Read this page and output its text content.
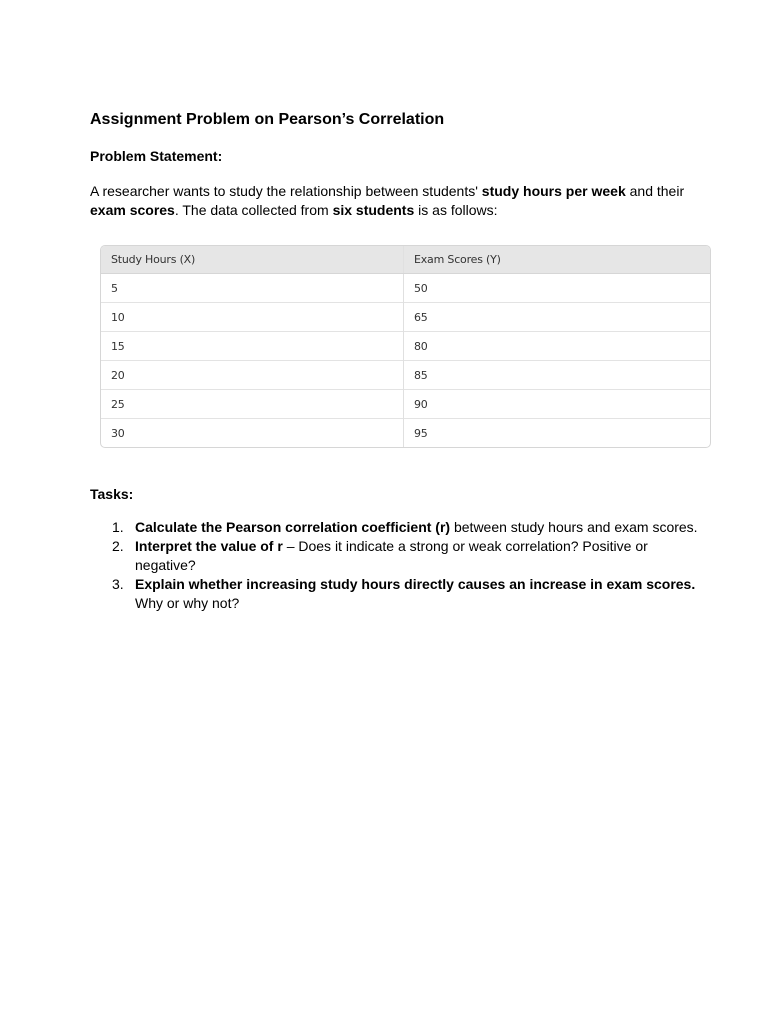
Assignment Problem on Pearson’s Correlation
Problem Statement:

A researcher wants to study the relationship between students' study hours per week and their exam scores. The data collected from six students is as follows:

Study Hours (X)	Exam Scores (Y)
5	50
10	65
15	80
20	85
25	90
30	95
Tasks:
1. Calculate the Pearson correlation coefficient (r) between study hours and exam scores.
2. Interpret the value of r – Does it indicate a strong or weak correlation? Positive or negative?
3. Explain whether increasing study hours directly causes an increase in exam scores. Why or why not?
